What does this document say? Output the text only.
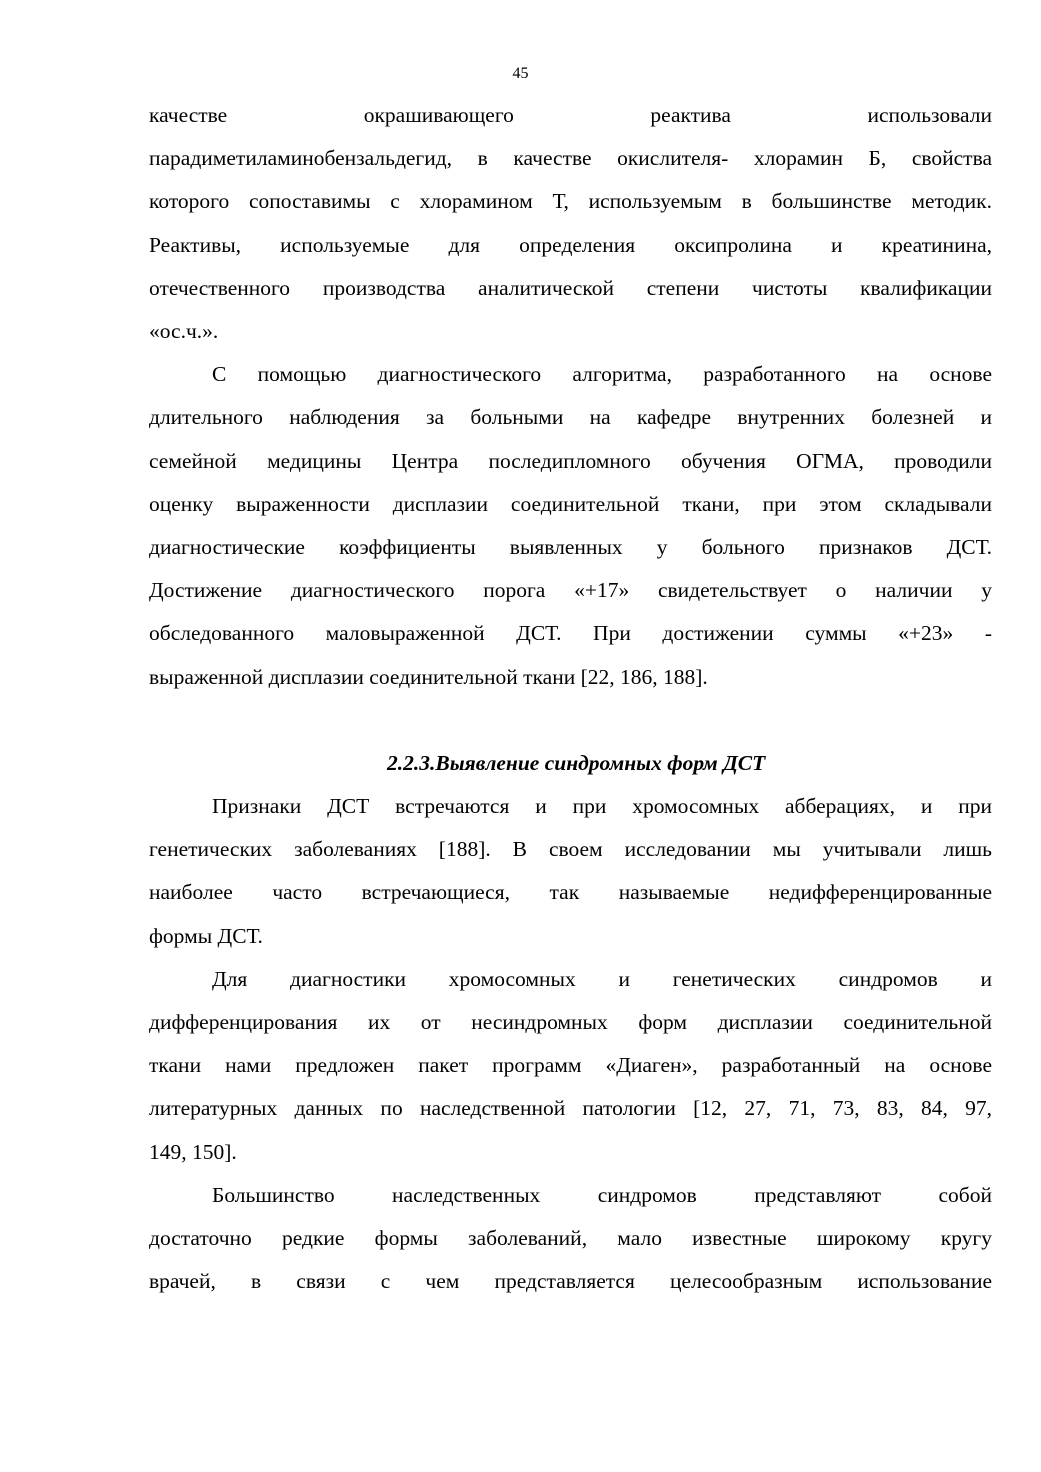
45
качестве окрашивающего реактива использовали
парадиметиламинобензальдегид, в качестве окислителя- хлорамин Б, свойства
которого сопоставимы с хлорамином Т, используемым в большинстве методик.
Реактивы, используемые для определения оксипролина и креатинина,
отечественного производства аналитической степени чистоты квалификации
«ос.ч.».
С помощью диагностического алгоритма, разработанного на основе
длительного наблюдения за больными на кафедре внутренних болезней и
семейной медицины Центра последипломного обучения ОГМА, проводили
оценку выраженности дисплазии соединительной ткани, при этом складывали
диагностические коэффициенты выявленных у больного признаков ДСТ.
Достижение диагностического порога «+17» свидетельствует о наличии у
обследованного маловыраженной ДСТ. При достижении суммы «+23» -
выраженной дисплазии соединительной ткани [22, 186, 188].
2.2.3.Выявление синдромных форм ДСТ
Признаки ДСТ встречаются и при хромосомных абберациях, и при
генетических заболеваниях [188]. В своем исследовании мы учитывали лишь
наиболее часто встречающиеся, так называемые недифференцированные
формы ДСТ.
Для диагностики хромосомных и генетических синдромов и
дифференцирования их от несиндромных форм дисплазии соединительной
ткани нами предложен пакет программ «Диаген», разработанный на основе
литературных данных по наследственной патологии [12, 27, 71, 73, 83, 84, 97,
149, 150].
Большинство наследственных синдромов представляют собой
достаточно редкие формы заболеваний, мало известные широкому кругу
врачей, в связи с чем представляется целесообразным использование
